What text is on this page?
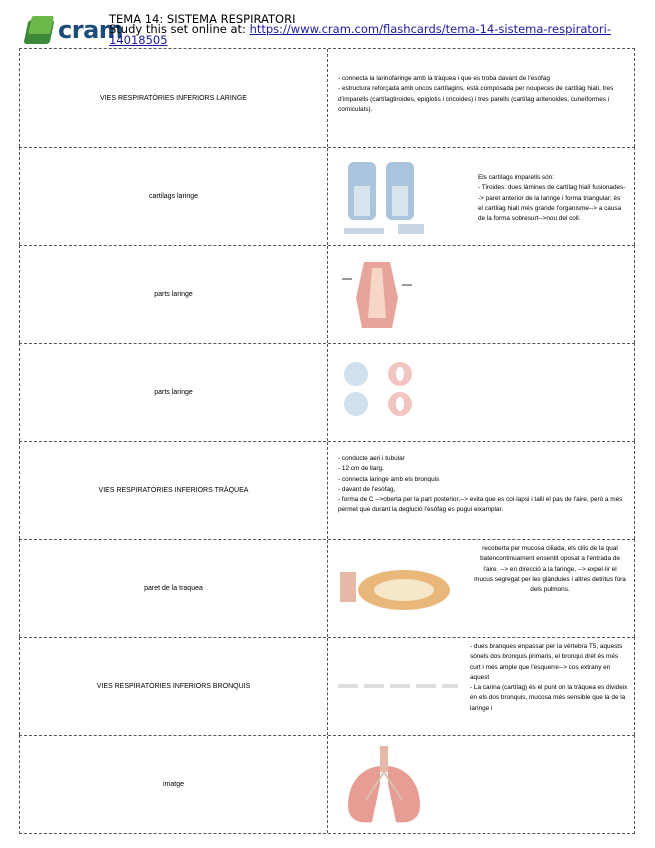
cram
TEMA 14: SISTEMA RESPIRATORI
Study this set online at: https://www.cram.com/flashcards/tema-14-sistema-respiratori-14018505
VIES RESPIRATÒRIES INFERIORS LARINGE
- connecta la larinofaringe amb la tràquea i que es troba davant de l'esòfag
- estructura reforçada amb uncos cartílagins, està composada per noupeces de cartílag hialí, tres d'imparells (cartílagtiroides, epiglotis i cricoides) i tres parells (cartílag aritenoides, cuneïformes i corniculats).
cartilags laringe
Els cartílags imparells són:
- Tiroides: dues làmines de cartílag hialí fusionades--> paret anterior de la laringe i forma triangular; és el cartílag hialí més grande l'organisme--> a causa de la forma sobresurt-->nou del coll.
parts laringe
parts laringe
VIES RESPIRATÒRIES INFERIORS TRÀQUEA
- conducte aeri i tubular
- 12 cm de llarg,
- connecta laringe amb els bronquis
- davant de l'esòfag,
- forma de C -->oberta per la part posterior,--> evita que es col·lapsi i talli el pas de l'aire, però a més permet que durant la deglució l'esòfag es pugui eixamplar.
paret de la traquea
recoberta per mucosa ciliada, els cilis de la qual batencontinuament ensentit oposat a l'entrada de l'aire. --> en direcció a la faringe, --> expel·lir el mucus segregat per les glàndules i altres detritus fora dels pulmons.
VIES RESPIRATÒRIES INFERIORS BRONQUIS
- dues branques enpassar per la vèrtebra T5, aquests sónels dos bronquis primaris, el bronqui dret és més curt i més ample que l'esquerre--> cos extrany en aquest
- La carina (cartílag) és el punt on la tràquea es divideix en els dos bronquis, mucosa més sensible que la de la laringe i
imatge
